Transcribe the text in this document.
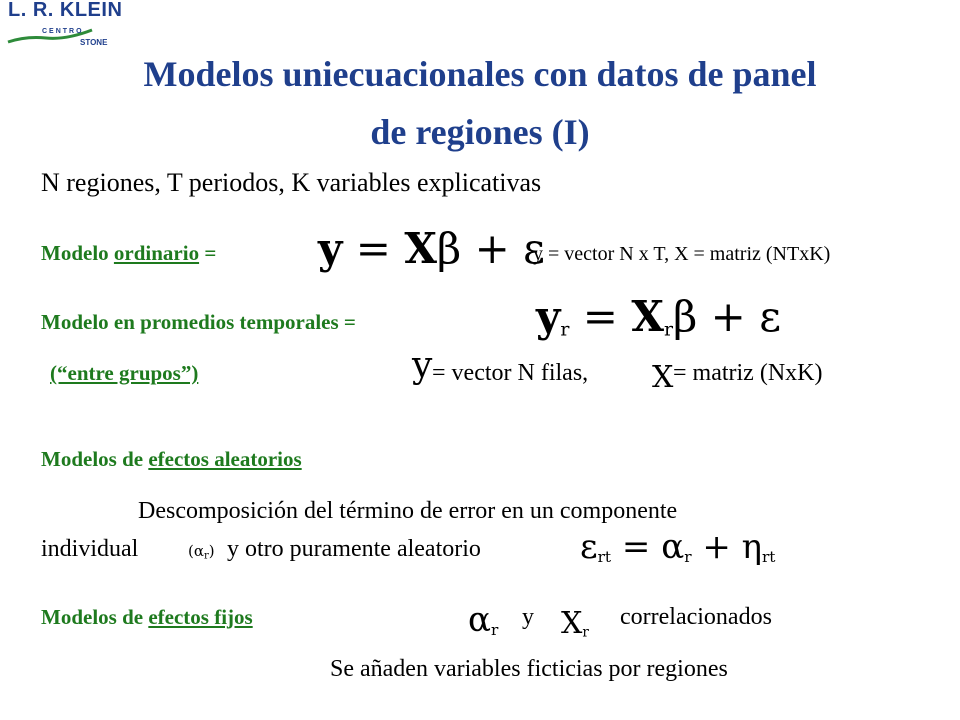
L. R. KLEIN
CENTRO
STONE
Modelos uniecuacionales con datos de panel
de regiones (I)
N regiones, T periodos, K variables explicativas
Modelo ordinario = y = Xβ + ε
y = vector N x T, X = matriz (NTxK)
Modelo en promedios temporales =	$y_r = X_r\beta + \varepsilon$
(“entre grupos”)	y = vector N filas, X = matriz (NxK)
Modelos de efectos aleatorios
Descomposición del término de error en un componente
individual	$(\alpha_r)$ y otro puramente aleatorio	$\varepsilon_{rt} = \alpha_r + \eta_{rt}$
Modelos de efectos fijos	$\alpha_r$ y $X_r$
correlacionados
Se añaden variables ficticias por regiones
